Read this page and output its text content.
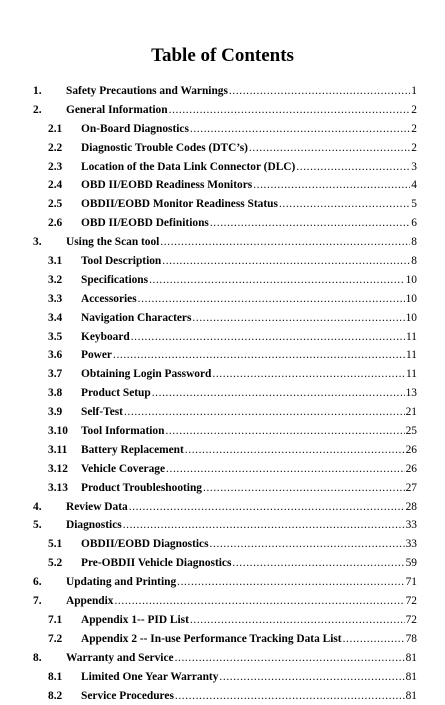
Table of Contents
1.	Safety Precautions and Warnings .....	1
2.	General Information .....	2
2.1	On-Board Diagnostics .....	2
2.2	Diagnostic Trouble Codes (DTC’s) .....	2
2.3	Location of the Data Link Connector (DLC) .....	3
2.4	OBD II/EOBD Readiness Monitors .....	4
2.5	OBDII/EOBD Monitor Readiness Status .....	5
2.6	OBD II/EOBD Definitions .....	6
3.	Using the Scan tool .....	8
3.1	Tool Description .....	8
3.2	Specifications .....	10
3.3	Accessories .....	10
3.4	Navigation Characters .....	10
3.5	Keyboard .....	11
3.6	Power .....	11
3.7	Obtaining Login Password .....	11
3.8	Product Setup .....	13
3.9	Self-Test .....	21
3.10	Tool Information .....	25
3.11	Battery Replacement .....	26
3.12	Vehicle Coverage .....	26
3.13	Product Troubleshooting .....	27
4.	Review Data .....	28
5.	Diagnostics .....	33
5.1	OBDII/EOBD Diagnostics .....	33
5.2	Pre-OBDII Vehicle Diagnostics .....	59
6.	Updating and Printing .....	71
7.	Appendix .....	72
7.1	Appendix 1-- PID List .....	72
7.2	Appendix 2 -- In-use Performance Tracking Data List .....	78
8.	Warranty and Service .....	81
8.1	Limited One Year Warranty .....	81
8.2	Service Procedures .....	81
